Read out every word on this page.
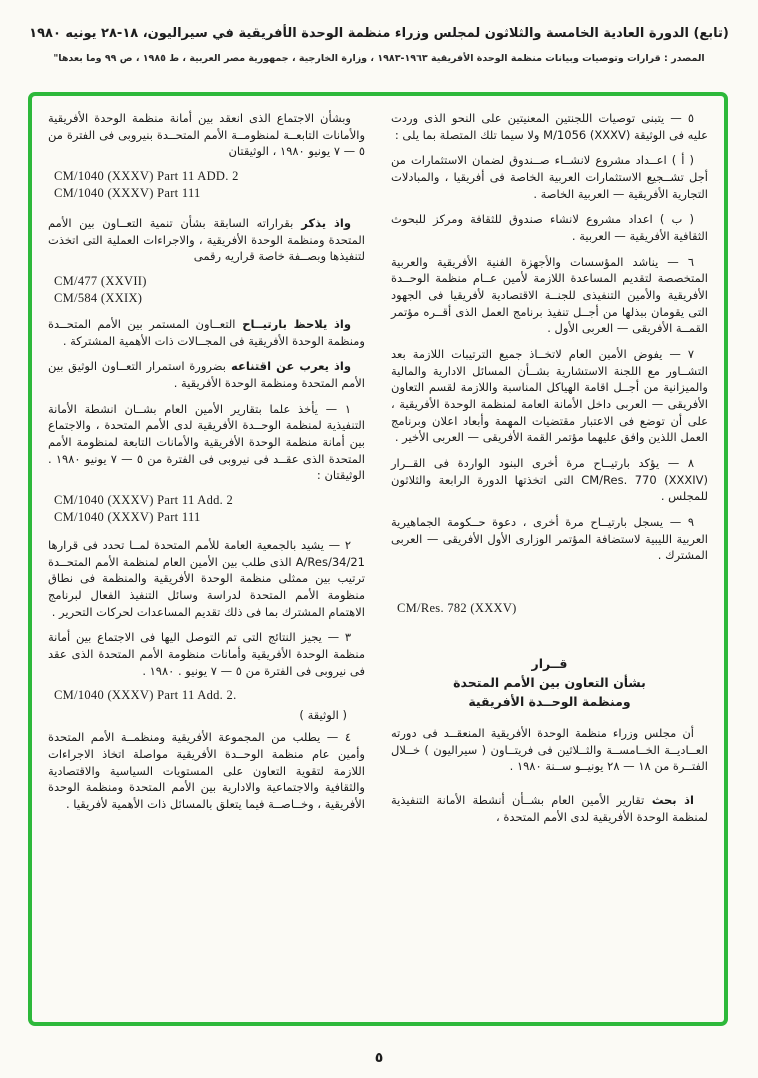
(تابع) الدورة العادية الخامسة والثلاثون لمجلس وزراء منظمة الوحدة الأفريقية في سيراليون، ١٨-٢٨ يونيه ١٩٨٠
المصدر : قرارات وتوصيات وبيانات منظمة الوحدة الأفريقية ١٩٦٣-١٩٨٣ ، وزارة الخارجية ، جمهورية مصر العربية ، ط ١٩٨٥ ، ص ٩٩ وما بعدها"
٥ — يتبنى توصيات اللجنتين المعنيتين على النحو الذى وردت عليه فى الوثيقة M/1056 (XXXV) ولا سيما تلك المتصلة بما يلى :
( أ ) اعــداد مشروع لانشــاء صــندوق لضمان الاستثمارات من أجل تشــجيع الاستثمارات العربية الخاصة فى أفريقيا ، والمبادلات التجارية الأفريقية — العربية الخاصة .
( ب ) اعداد مشروع لانشاء صندوق للثقافة ومركز للبحوث الثقافية الأفريقية — العربية .
٦ — يناشد المؤسسات والأجهزة الفنية الأفريقية والعربية المتخصصة لتقديم المساعدة اللازمة لأمين عــام منظمة الوحــدة الأفريقية والأمين التنفيذى للجنــة الاقتصادية لأفريقيا فى الجهود التى يقومان ببذلها من أجــل تنفيذ برنامج العمل الذى أقــره مؤتمر القمــة الأفريقى — العربى الأول .
٧ — يفوض الأمين العام لاتخــاذ جميع الترتيبات اللازمة بعد التشــاور مع اللجنة الاستشارية بشــأن المسائل الادارية والمالية والميزانية من أجــل اقامة الهياكل المناسبة واللازمة لقسم التعاون الأفريقى — العربى داخل الأمانة العامة لمنظمة الوحدة الأفريقية ، على أن توضع فى الاعتبار مقتضيات المهمة وأبعاد اعلان وبرنامج العمل اللذين وافق عليهما مؤتمر القمة الأفريقى — العربى الأخير .
٨ — يؤكد بارتيــاح مرة أخرى البنود الواردة فى القــرار CM/Res. 770 (XXXIV) التى اتخذتها الدورة الرابعة والثلاثون للمجلس .
٩ — يسجل بارتيــاح مرة أخرى ، دعوة حــكومة الجماهيرية العربية الليبية لاستضافة المؤتمر الوزارى الأول الأفريقى — العربى المشترك .
CM/Res. 782 (XXXV)
قــرار
بشأن التعاون بين الأمم المتحدة
ومنظمة الوحــدة الأفريقية
أن مجلس وزراء منظمة الوحدة الأفريقية المنعقــد فى دورته العــاديــة الخــامســة والثــلاثين فى فريتــاون ( سيراليون ) خــلال الفتــرة من ١٨ — ٢٨ يونيــو ســنة ١٩٨٠ .
اذ بحث تقارير الأمين العام بشــأن أنشطة الأمانة التنفيذية لمنظمة الوحدة الأفريقية لدى الأمم المتحدة ،
وبشأن الاجتماع الذى انعقد بين أمانة منظمة الوحدة الأفريقية والأمانات التابعــة لمنظومــة الأمم المتحــدة بنيروبى فى الفترة من ٥ — ٧ يونيو ١٩٨٠ ، الوثيقتان
CM/1040 (XXXV) Part 11 ADD. 2
CM/1040 (XXXV) Part 111
واذ يذكر بقراراته السابقة بشأن تنمية التعــاون بين الأمم المتحدة ومنظمة الوحدة الأفريقية ، والاجراءات العملية التى اتخذت لتنفيذها وبصــفة خاصة قراريه رقمى
CM/477 (XXVII)
CM/584 (XXIX)
واذ يلاحظ بارتيــاح التعــاون المستمر بين الأمم المتحــدة ومنظمة الوحدة الأفريقية فى المجــالات ذات الأهمية المشتركة .
واذ يعرب عن اقتناعه بضرورة استمرار التعــاون الوثيق بين الأمم المتحدة ومنظمة الوحدة الأفريقية .
١ — يأخذ علما بتقارير الأمين العام بشــان انشطة الأمانة التنفيذية لمنظمة الوحــدة الأفريقية لدى الأمم المتحدة ، والاجتماع بين أمانة منظمة الوحدة الأفريقية والأمانات التابعة لمنظومة الأمم المتحدة الذى عقــد فى نيروبى فى الفترة من ٥ — ٧ يونيو ١٩٨٠ . الوثيقتان :
CM/1040 (XXXV) Part 11 Add. 2
CM/1040 (XXXV) Part 111
٢ — يشيد بالجمعية العامة للأمم المتحدة لمــا تحدد فى قرارها A/Res/34/21 الذى طلب بين الأمين العام لمنظمة الأمم المتحــدة ترتيب بين ممثلى منظمة الوحدة الأفريقية والمنظمة فى نطاق منظومة الأمم المتحدة لدراسة وسائل التنفيذ الفعال لبرنامج الاهتمام المشترك بما فى ذلك تقديم المساعدات لحركات التحرير .
٣ — يجيز النتائج التى تم التوصل اليها فى الاجتماع بين أمانة منظمة الوحدة الأفريقية وأمانات منظومة الأمم المتحدة الذى عقد فى نيروبى فى الفترة من ٥ — ٧ يونيو . ١٩٨٠ .
CM/1040 (XXXV) Part 11 Add. 2.
( الوثيقة )
٤ — يطلب من المجموعة الأفريقية ومنظمــة الأمم المتحدة وأمين عام منظمة الوحــدة الأفريقية مواصلة اتخاذ الاجراءات اللازمة لتقوية التعاون على المستويات السياسية والاقتصادية والثقافية والاجتماعية والادارية بين الأمم المتحدة ومنظمة الوحدة الأفريقية ، وخــاصــة فيما يتعلق بالمسائل ذات الأهمية لأفريقيا .
٥
